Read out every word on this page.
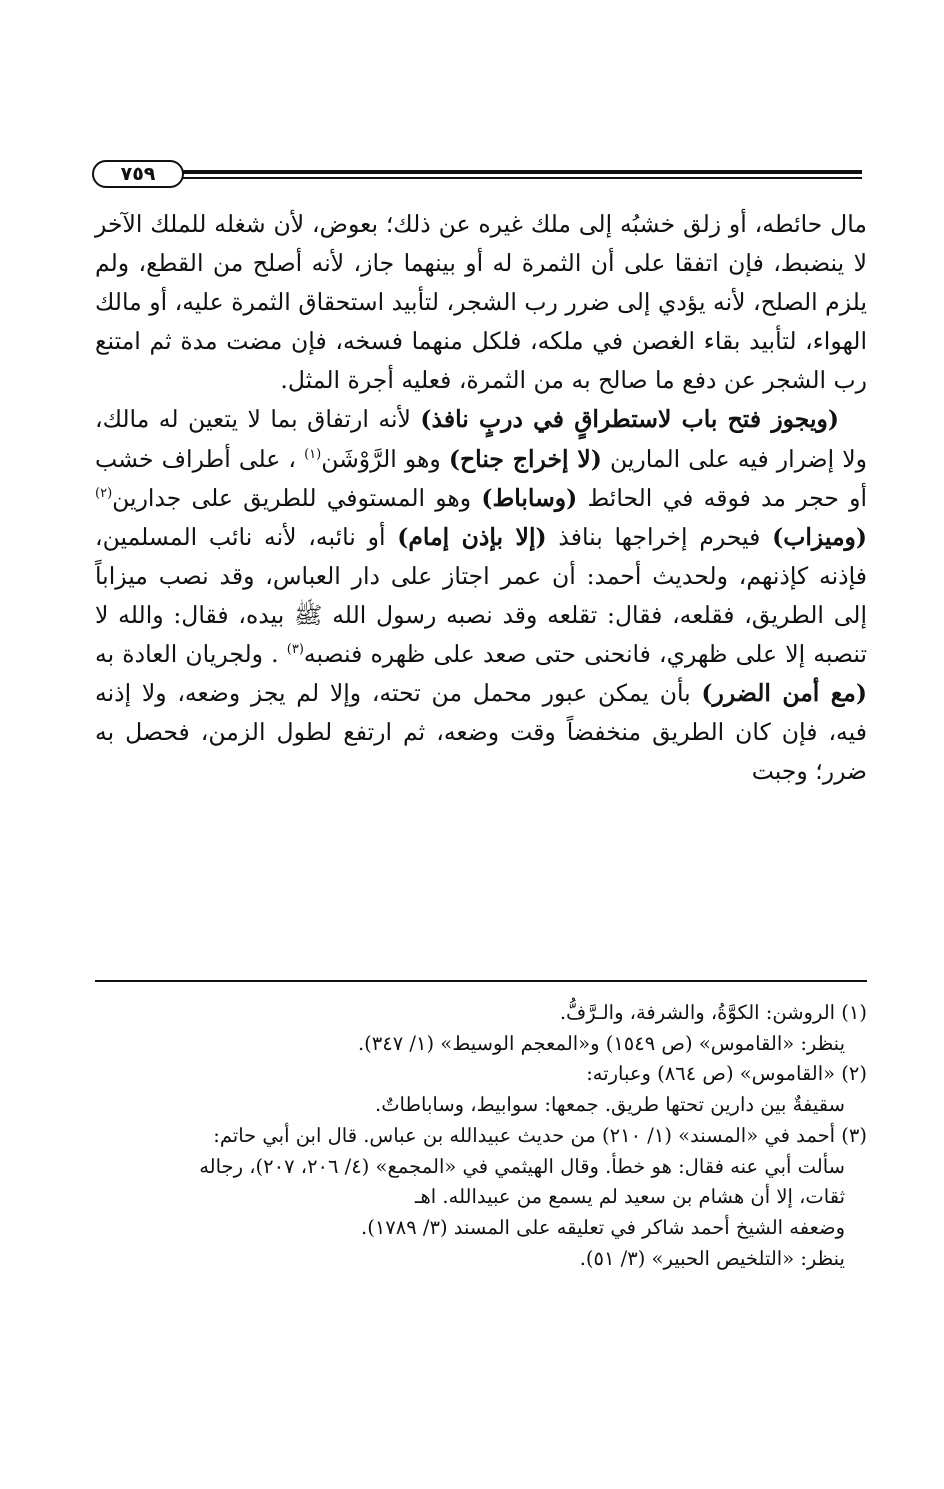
٧٥٩

مال حائطه، أو زلق خشبُه إلى ملك غيره عن ذلك؛ بعوض، لأن شغله للملك الآخر لا ينضبط، فإن اتفقا على أن الثمرة له أو بينهما جاز، لأنه أصلح من القطع، ولم يلزم الصلح، لأنه يؤدي إلى ضرر رب الشجر، لتأبيد استحقاق الثمرة عليه، أو مالك الهواء، لتأبيد بقاء الغصن في ملكه، فلكل منهما فسخه، فإن مضت مدة ثم امتنع رب الشجر عن دفع ما صالح به من الثمرة، فعليه أجرة المثل.

(ويجوز فتح باب لاستطراقٍ في دربٍ نافذ) لأنه ارتفاق بما لا يتعين له مالك، ولا إضرار فيه على المارين (لا إخراج جناح) وهو الرَّوْشَن$^{(١)}$ ، على أطراف خشب أو حجر مد فوقه في الحائط (وساباط) وهو المستوفي للطريق على جدارين$^{(٢)}$ (وميزاب) فيحرم إخراجها بنافذ (إلا بإذن إمام) أو نائبه، لأنه نائب المسلمين، فإذنه كإذنهم، ولحديث أحمد: أن عمر اجتاز على دار العباس، وقد نصب ميزاباً إلى الطريق، فقلعه، فقال: تقلعه وقد نصبه رسول الله ﷺ بيده، فقال: والله لا تنصبه إلا على ظهري، فانحنى حتى صعد على ظهره فنصبه$^{(٣)}$ . ولجريان العادة به (مع أمن الضرر) بأن يمكن عبور محمل من تحته، وإلا لم يجز وضعه، ولا إذنه فيه، فإن كان الطريق منخفضاً وقت وضعه، ثم ارتفع لطول الزمن، فحصل به ضرر؛ وجبت

(١) الروشن: الكوَّةُ، والشرفة، والـرَّفُّ.

ينظر: «القاموس» (ص ١٥٤٩) و«المعجم الوسيط» (١/ ٣٤٧).

(٢) «القاموس» (ص ٨٦٤) وعبارته:

سقيفةٌ بين دارين تحتها طريق. جمعها: سوابيط، وساباطاتٌ.

(٣) أحمد في «المسند» (١/ ٢١٠) من حديث عبيدالله بن عباس. قال ابن أبي حاتم:

سألت أبي عنه فقال: هو خطأ. وقال الهيثمي في «المجمع» (٤/ ٢٠٦، ٢٠٧)، رجاله

ثقات، إلا أن هشام بن سعيد لم يسمع من عبيدالله. اهـ

وضعفه الشيخ أحمد شاكر في تعليقه على المسند (٣/ ١٧٨٩).

ينظر: «التلخيص الحبير» (٣/ ٥١).
